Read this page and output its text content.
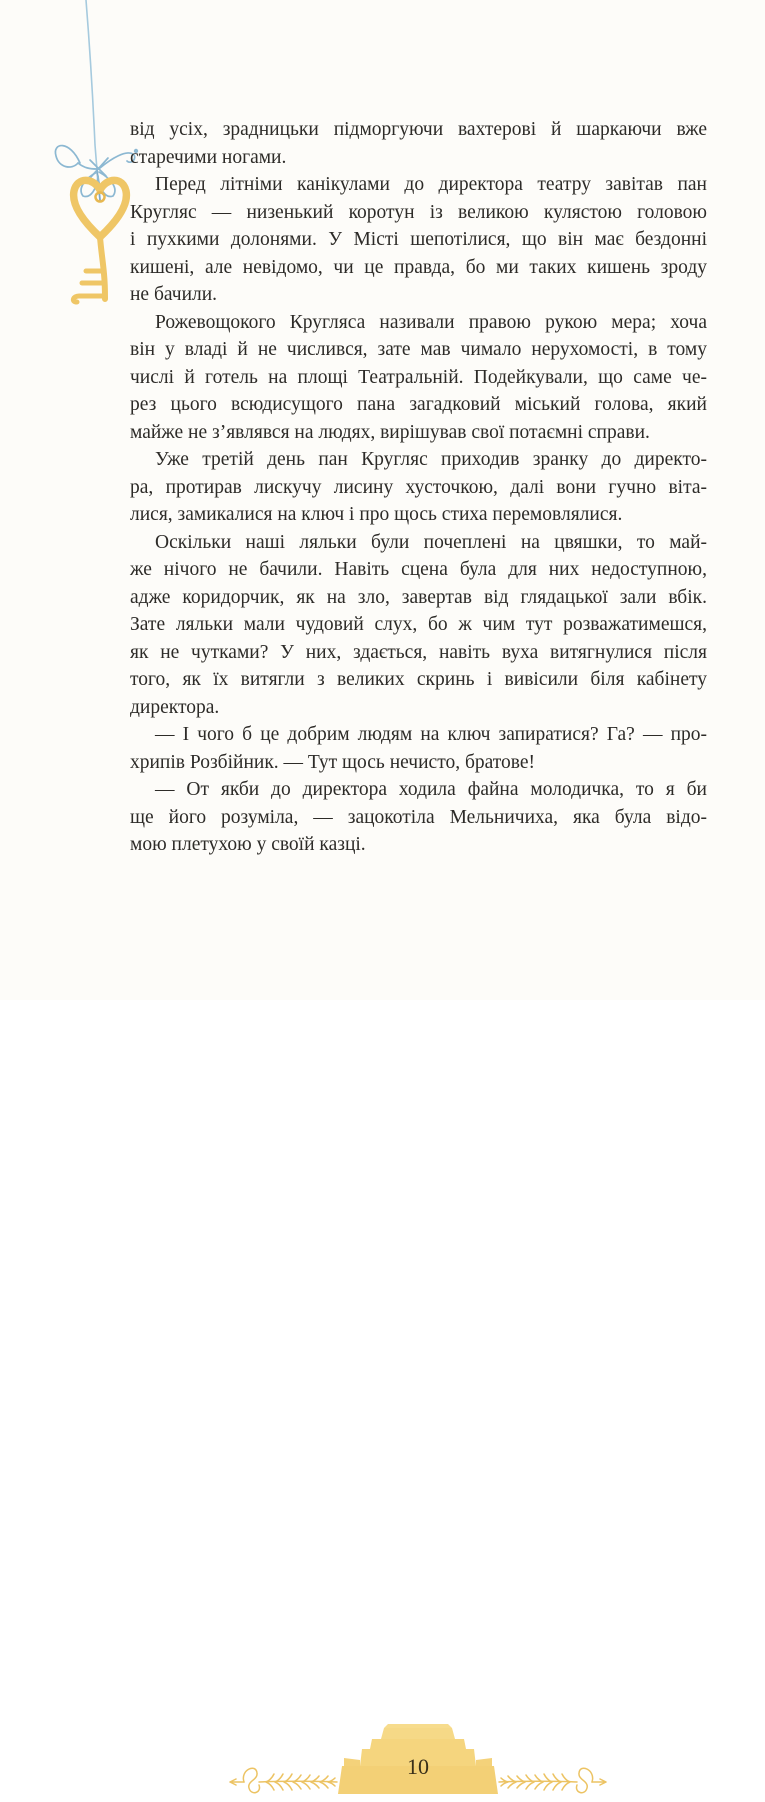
від усіх, зрадницьки підморгуючи вахтерові й шаркаючи вже
старечими ногами.
Перед літніми канікулами до директора театру завітав пан
Кругляс — низенький коротун із великою кулястою головою
і пухкими долонями. У Місті шепотілися, що він має бездонні
кишені, але невідомо, чи це правда, бо ми таких кишень зроду
не бачили.
Рожевощокого Кругляса називали правою рукою мера; хоча
він у владі й не числився, зате мав чимало нерухомості, в тому
числі й готель на площі Театральній. Подейкували, що саме че-
рез цього всюдисущого пана загадковий міський голова, який
майже не з’являвся на людях, вирішував свої потаємні справи.
Уже третій день пан Кругляс приходив зранку до директо-
ра, протирав лискучу лисину хусточкою, далі вони гучно віта-
лися, замикалися на ключ і про щось стиха перемовлялися.
Оскільки наші ляльки були почеплені на цвяшки, то май-
же нічого не бачили. Навіть сцена була для них недоступною,
адже коридорчик, як на зло, завертав від глядацької зали вбік.
Зате ляльки мали чудовий слух, бо ж чим тут розважатимешся,
як не чутками? У них, здається, навіть вуха витягнулися після
того, як їх витягли з великих скринь і вивісили біля кабінету
директора.
— І чого б це добрим людям на ключ запиратися? Га? — про-
хрипів Розбійник. — Тут щось нечисто, братове!
— От якби до директора ходила файна молодичка, то я би
ще його розуміла, — зацокотіла Мельничиха, яка була відо-
мою плетухою у своїй казці.
10
